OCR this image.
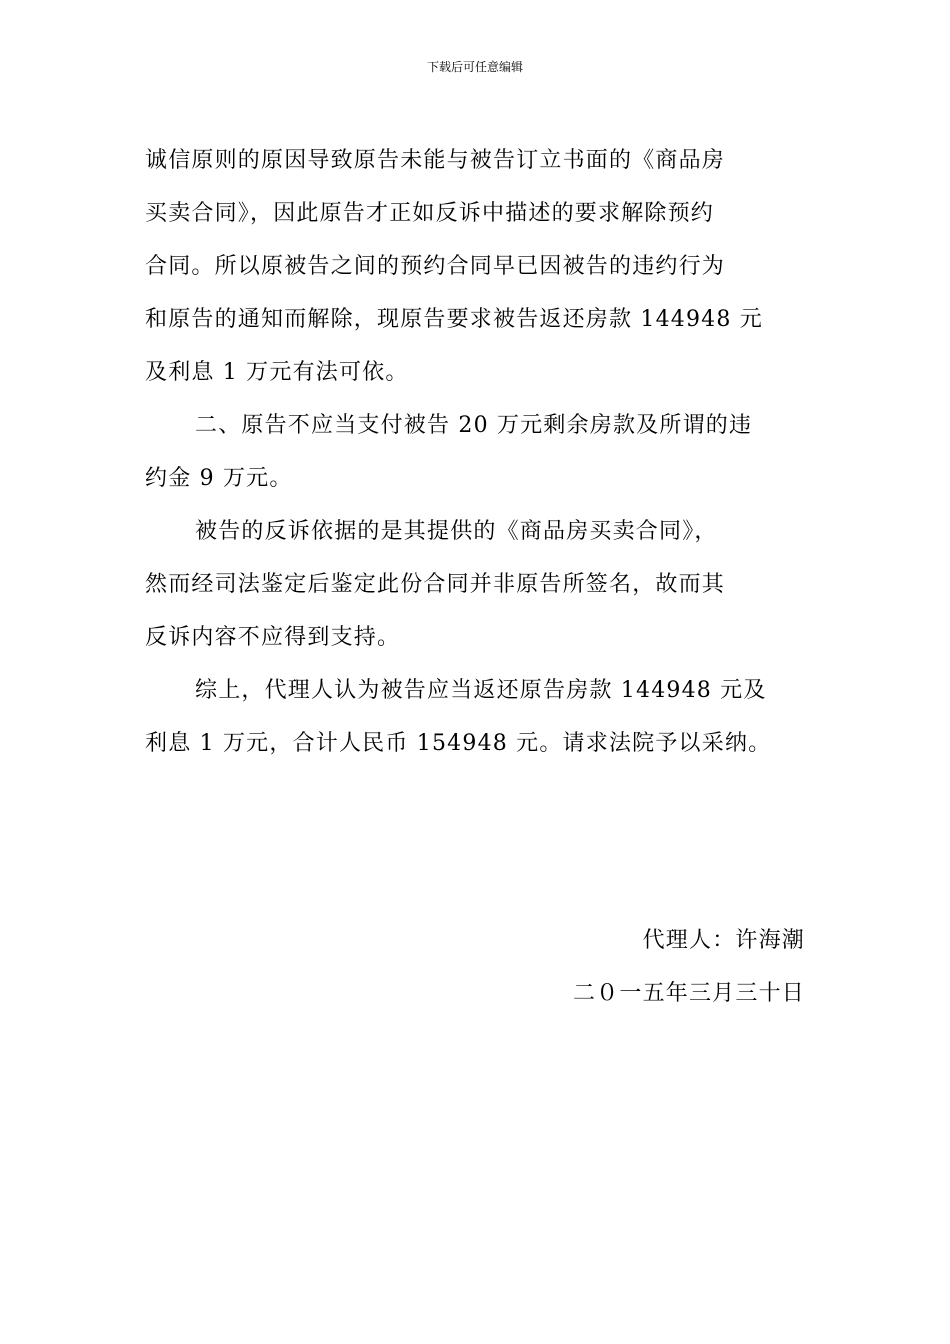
下载后可任意编辑
诚信原则的原因导致原告未能与被告订立书面的《商品房
买卖合同》，因此原告才正如反诉中描述的要求解除预约
合同。所以原被告之间的预约合同早已因被告的违约行为
和原告的通知而解除，现原告要求被告返还房款 144948 元
及利息 1 万元有法可依。
二、原告不应当支付被告 20 万元剩余房款及所谓的违
约金 9 万元。
被告的反诉依据的是其提供的《商品房买卖合同》，
然而经司法鉴定后鉴定此份合同并非原告所签名，故而其
反诉内容不应得到支持。
综上，代理人认为被告应当返还原告房款 144948 元及
利息 1 万元，合计人民币 154948 元。请求法院予以采纳。
代理人：许海潮
二０一五年三月三十日
